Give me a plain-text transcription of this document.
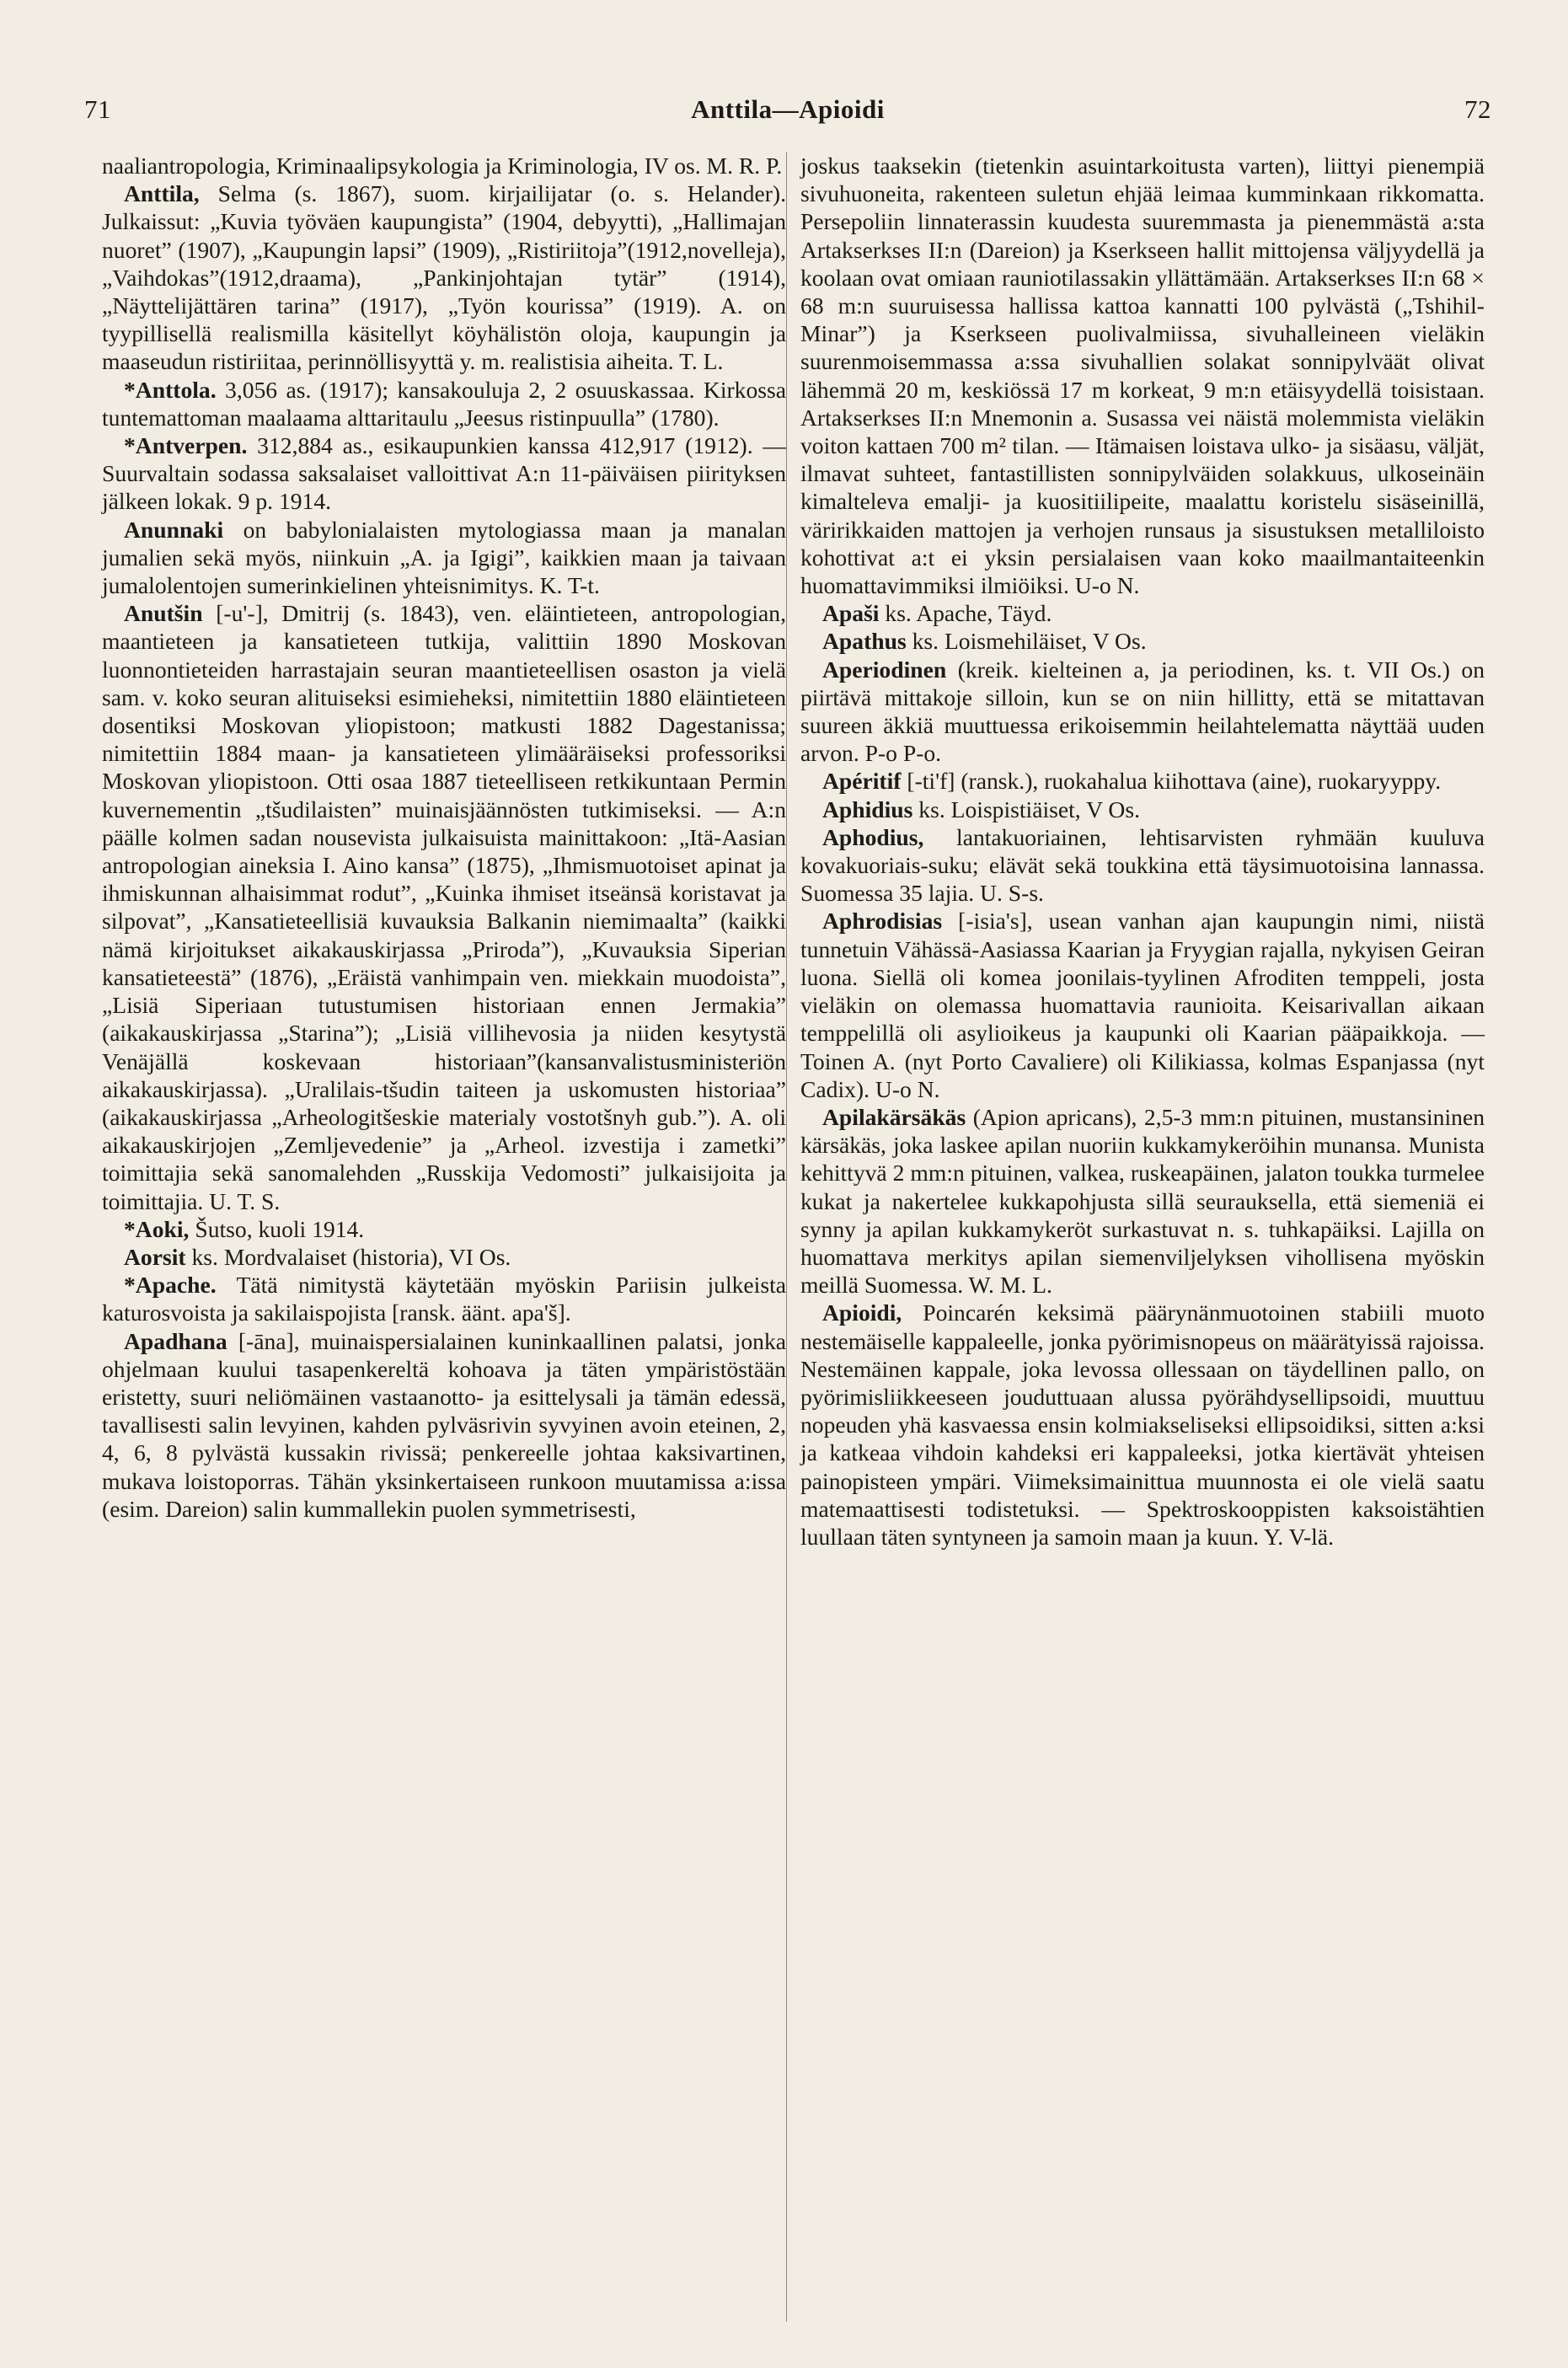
71	Anttila—Apioidi	72

naaliantropologia, Kriminaalipsykologia ja Kriminologia, IV os. M. R. P.

Anttila, Selma (s. 1867), suom. kirjailijatar (o. s. Helander). Julkaissut: „Kuvia työväen kaupungista” (1904, debyytti), „Hallimajan nuoret” (1907), „Kaupungin lapsi” (1909), „Ristiriitoja”(1912,novelleja),„Vaihdokas”(1912,draama), „Pankinjohtajan tytär” (1914), „Näyttelijättären tarina” (1917), „Työn kourissa” (1919). A. on tyypillisellä realismilla käsitellyt köyhälistön oloja, kaupungin ja maaseudun ristiriitaa, perinnöllisyyttä y. m. realistisia aiheita. T. L.

*Anttola. 3,056 as. (1917); kansakouluja 2, 2 osuuskassaa. Kirkossa tuntemattoman maalaama alttaritaulu „Jeesus ristinpuulla” (1780).

*Antverpen. 312,884 as., esikaupunkien kanssa 412,917 (1912). — Suurvaltain sodassa saksalaiset valloittivat A:n 11-päiväisen piirityksen jälkeen lokak. 9 p. 1914.

Anunnaki on babylonialaisten mytologiassa maan ja manalan jumalien sekä myös, niinkuin „A. ja Igigi”, kaikkien maan ja taivaan jumalolentojen sumerinkielinen yhteisnimitys. K. T-t.

Anutšin [-u'-], Dmitrij (s. 1843), ven. eläintieteen, antropologian, maantieteen ja kansatieteen tutkija, valittiin 1890 Moskovan luonnontieteiden harrastajain seuran maantieteellisen osaston ja vielä sam. v. koko seuran alituiseksi esimieheksi, nimitettiin 1880 eläintieteen dosentiksi Moskovan yliopistoon; matkusti 1882 Dagestanissa; nimitettiin 1884 maan- ja kansatieteen ylimääräiseksi professoriksi Moskovan yliopistoon. Otti osaa 1887 tieteelliseen retkikuntaan Permin kuvernementin „tšudilaisten” muinaisjäännösten tutkimiseksi. — A:n päälle kolmen sadan nousevista julkaisuista mainittakoon: „Itä-Aasian antropologian aineksia I. Aino kansa” (1875), „Ihmismuotoiset apinat ja ihmiskunnan alhaisimmat rodut”, „Kuinka ihmiset itseänsä koristavat ja silpovat”, „Kansatieteellisiä kuvauksia Balkanin niemimaalta” (kaikki nämä kirjoitukset aikakauskirjassa „Priroda”), „Kuvauksia Siperian kansatieteestä” (1876), „Eräistä vanhimpain ven. miekkain muodoista”, „Lisiä Siperiaan tutustumisen historiaan ennen Jermakia” (aikakauskirjassa „Starina”); „Lisiä villihevosia ja niiden kesytystä Venäjällä koskevaan historiaan”(kansanvalistusministeriön aikakauskirjassa). „Uralilais-tšudin taiteen ja uskomusten historiaa” (aikakauskirjassa „Arheologitšeskie materialy vostotšnyh gub.”). A. oli aikakauskirjojen „Zemljevedenie” ja „Arheol. izvestija i zametki” toimittajia sekä sanomalehden „Russkija Vedomosti” julkaisijoita ja toimittajia. U. T. S.

*Aoki, Šutso, kuoli 1914.

Aorsit ks. Mordvalaiset (historia), VI Os.

*Apache. Tätä nimitystä käytetään myöskin Pariisin julkeista katurosvoista ja sakilaispojista [ransk. äänt. apa'š].

Apadhana [-āna], muinaispersialainen kuninkaallinen palatsi, jonka ohjelmaan kuului tasapenkereltä kohoava ja täten ympäristöstään eristetty, suuri neliömäinen vastaanotto- ja esittelysali ja tämän edessä, tavallisesti salin levyinen, kahden pylväsrivin syvyinen avoin eteinen, 2, 4, 6, 8 pylvästä kussakin rivissä; penkereelle johtaa kaksivartinen, mukava loistoporras. Tähän yksinkertaiseen runkoon muutamissa a:issa (esim. Dareion) salin kummallekin puolen symmetrisesti,

joskus taaksekin (tietenkin asuintarkoitusta varten), liittyi pienempiä sivuhuoneita, rakenteen suletun ehjää leimaa kumminkaan rikkomatta. Persepoliin linnaterassin kuudesta suuremmasta ja pienemmästä a:sta Artakserkses II:n (Dareion) ja Kserkseen hallit mittojensa väljyydellä ja koolaan ovat omiaan rauniotilassakin yllättämään. Artakserkses II:n 68 × 68 m:n suuruisessa hallissa kattoa kannatti 100 pylvästä („Tshihil-Minar”) ja Kserkseen puolivalmiissa, sivuhalleineen vieläkin suurenmoisemmassa a:ssa sivuhallien solakat sonnipylväät olivat lähemmä 20 m, keskiössä 17 m korkeat, 9 m:n etäisyydellä toisistaan. Artakserkses II:n Mnemonin a. Susassa vei näistä molemmista vieläkin voiton kattaen 700 m² tilan. — Itämaisen loistava ulko- ja sisäasu, väljät, ilmavat suhteet, fantastillisten sonnipylväiden solakkuus, ulkoseinäin kimalteleva emalji- ja kuositiilipeite, maalattu koristelu sisäseinillä, väririkkaiden mattojen ja verhojen runsaus ja sisustuksen metalliloisto kohottivat a:t ei yksin persialaisen vaan koko maailmantaiteenkin huomattavimmiksi ilmiöiksi. U-o N.

Apaši ks. Apache, Täyd.

Apathus ks. Loismehiläiset, V Os.

Aperiodinen (kreik. kielteinen a, ja periodinen, ks. t. VII Os.) on piirtävä mittakoje silloin, kun se on niin hillitty, että se mitattavan suureen äkkiä muuttuessa erikoisemmin heilahtelematta näyttää uuden arvon. P-o P-o.

Apéritif [-ti'f] (ransk.), ruokahalua kiihottava (aine), ruokaryyppy.

Aphidius ks. Loispistiäiset, V Os.

Aphodius, lantakuoriainen, lehtisarvisten ryhmään kuuluva kovakuoriais-suku; elävät sekä toukkina että täysimuotoisina lannassa. Suomessa 35 lajia. U. S-s.

Aphrodisias [-isia's], usean vanhan ajan kaupungin nimi, niistä tunnetuin Vähässä-Aasiassa Kaarian ja Fryygian rajalla, nykyisen Geiran luona. Siellä oli komea joonilais-tyylinen Afroditen temppeli, josta vieläkin on olemassa huomattavia raunioita. Keisarivallan aikaan temppelillä oli asylioikeus ja kaupunki oli Kaarian pääpaikkoja. — Toinen A. (nyt Porto Cavaliere) oli Kilikiassa, kolmas Espanjassa (nyt Cadix). U-o N.

Apilakärsäkäs (Apion apricans), 2,5-3 mm:n pituinen, mustansininen kärsäkäs, joka laskee apilan nuoriin kukkamykeröihin munansa. Munista kehittyvä 2 mm:n pituinen, valkea, ruskeapäinen, jalaton toukka turmelee kukat ja nakertelee kukkapohjusta sillä seurauksella, että siemeniä ei synny ja apilan kukkamykeröt surkastuvat n. s. tuhkapäiksi. Lajilla on huomattava merkitys apilan siemenviljelyksen vihollisena myöskin meillä Suomessa. W. M. L.

Apioidi, Poincarén keksimä päärynänmuotoinen stabiili muoto nestemäiselle kappaleelle, jonka pyörimisnopeus on määrätyissä rajoissa. Nestemäinen kappale, joka levossa ollessaan on täydellinen pallo, on pyörimisliikkeeseen jouduttuaan alussa pyörähdysellipsoidi, muuttuu nopeuden yhä kasvaessa ensin kolmiakseliseksi ellipsoidiksi, sitten a:ksi ja katkeaa vihdoin kahdeksi eri kappaleeksi, jotka kiertävät yhteisen painopisteen ympäri. Viimeksimainittua muunnosta ei ole vielä saatu matemaattisesti todistetuksi. — Spektroskooppisten kaksoistähtien luullaan täten syntyneen ja samoin maan ja kuun. Y. V-lä.
